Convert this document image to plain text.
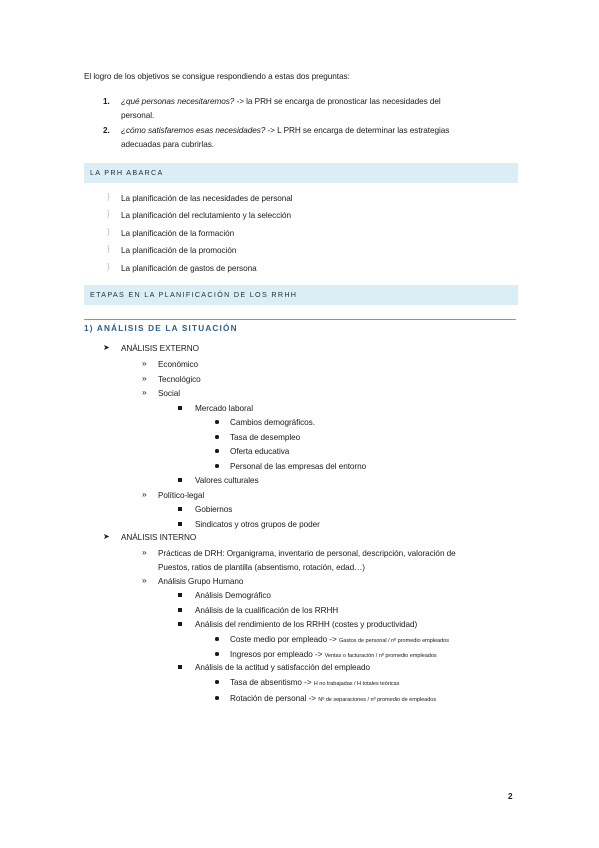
El logro de los objetivos se consigue respondiendo a estas dos preguntas:
1. ¿qué personas necesitaremos? -> la PRH se encarga de pronosticar las necesidades del
personal.
2. ¿cómo satisfaremos esas necesidades? -> L PRH se encarga de determinar las estrategias
adecuadas para cubrirlas.
LA PRH ABARCA
} La planificación de las necesidades de personal
} La planificación del reclutamiento y la selección
} La planificación de la formación
} La planificación de la promoción
} La planificación de gastos de persona
ETAPAS EN LA PLANIFICACIÓN DE LOS RRHH
1) ANÁLISIS DE LA SITUACIÓN
➤ ANÁLISIS EXTERNO
» Económico
» Tecnológico
» Social
Mercado laboral
Cambios demográficos.
Tasa de desempleo
Oferta educativa
Personal de las empresas del entorno
Valores culturales
» Político-legal
Gobiernos
Sindicatos y otros grupos de poder
➤ ANÁLISIS INTERNO
» Prácticas de DRH: Organigrama, inventario de personal, descripción, valoración de
Puestos, ratios de plantilla (absentismo, rotación, edad…)
» Análisis Grupo Humano
Análisis Demográfico
Análisis de la cualificación de los RRHH
Análisis del rendimiento de los RRHH (costes y productividad)
Coste medio por empleado -> Gastos de personal / nº promedio empleados
Ingresos por empleado -> Ventas o facturación / nº promedio empleados
Análisis de la actitud y satisfacción del empleado
Tasa de absentismo -> H no trabajadas / H totales teóricas
Rotación de personal -> Nº de separaciones / nº promedio de empleados
2
